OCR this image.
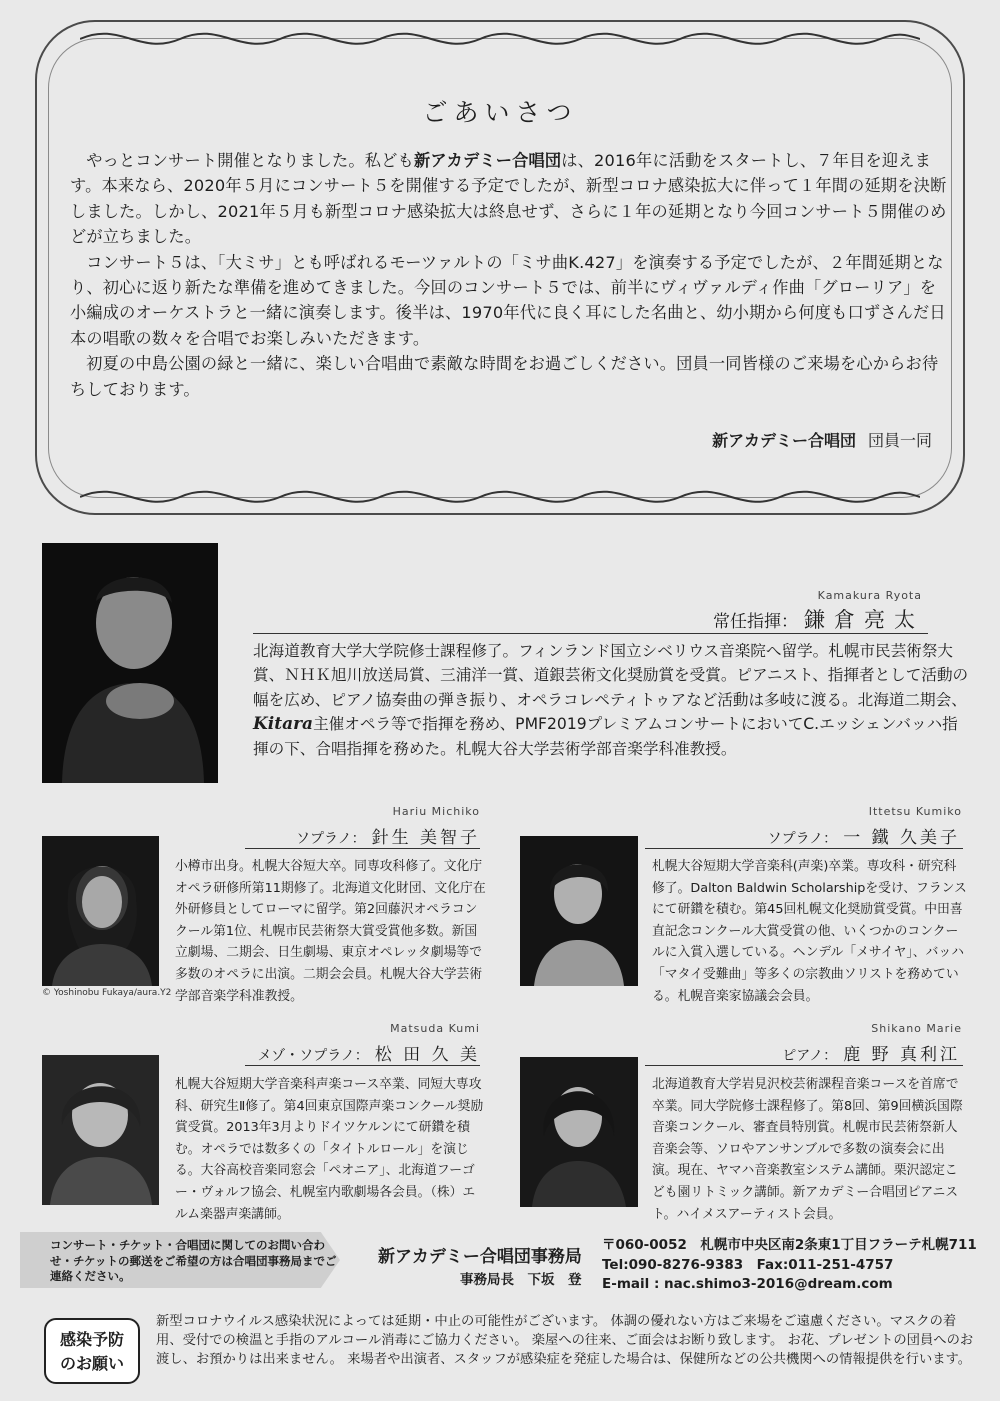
ごあいさつ

やっとコンサート開催となりました。私ども新アカデミー合唱団は、2016年に活動をスタートし、７年目を迎えます。本来なら、2020年５月にコンサート５を開催する予定でしたが、新型コロナ感染拡大に伴って１年間の延期を決断しました。しかし、2021年５月も新型コロナ感染拡大は終息せず、さらに１年の延期となり今回コンサート５開催のめどが立ちました。

コンサート５は、「大ミサ」とも呼ばれるモーツァルトの「ミサ曲K.427」を演奏する予定でしたが、２年間延期となり、初心に返り新たな準備を進めてきました。今回のコンサート５では、前半にヴィヴァルディ作曲「グローリア」を小編成のオーケストラと一緒に演奏します。後半は、1970年代に良く耳にした名曲と、幼小期から何度も口ずさんだ日本の唱歌の数々を合唱でお楽しみいただきます。

初夏の中島公園の緑と一緒に、楽しい合唱曲で素敵な時間をお過ごしください。団員一同皆様のご来場を心からお待ちしております。

新アカデミー合唱団 団員一同
Kamakura Ryota
常任指揮： 鎌倉亮太
北海道教育大学大学院修士課程修了。フィンランド国立シベリウス音楽院へ留学。札幌市民芸術祭大賞、ＮＨＫ旭川放送局賞、三浦洋一賞、道銀芸術文化奨励賞を受賞。ピアニスト、指揮者として活動の幅を広め、ピアノ協奏曲の弾き振り、オペラコレペティトゥアなど活動は多岐に渡る。北海道二期会、Kitara主催オペラ等で指揮を務め、PMF2019プレミアムコンサートにおいてC.エッシェンバッハ指揮の下、合唱指揮を務めた。札幌大谷大学芸術学部音楽学科准教授。
Hariu Michiko
ソプラノ： 針生 美智子
© Yoshinobu Fukaya/aura.Y2
小樽市出身。札幌大谷短大卒。同専攻科修了。文化庁オペラ研修所第11期修了。北海道文化財団、文化庁在外研修員としてローマに留学。第2回藤沢オペラコンクール第1位、札幌市民芸術祭大賞受賞他多数。新国立劇場、二期会、日生劇場、東京オペレッタ劇場等で多数のオペラに出演。二期会会員。札幌大谷大学芸術学部音楽学科准教授。
Ittetsu Kumiko
ソプラノ： 一 鐵 久美子
札幌大谷短期大学音楽科(声楽)卒業。専攻科・研究科修了。Dalton Baldwin Scholarshipを受け、フランスにて研鑽を積む。第45回札幌文化奨励賞受賞。中田喜直記念コンクール大賞受賞の他、いくつかのコンクールに入賞入選している。ヘンデル「メサイヤ」、バッハ「マタイ受難曲」等多くの宗教曲ソリストを務めている。札幌音楽家協議会会員。
Matsuda Kumi
メゾ・ソプラノ： 松 田 久 美
札幌大谷短期大学音楽科声楽コース卒業、同短大専攻科、研究生Ⅱ修了。第4回東京国際声楽コンクール奨励賞受賞。2013年3月よりドイツケルンにて研鑽を積む。オペラでは数多くの「タイトルロール」を演じる。大谷高校音楽同窓会「ペオニア」、北海道フーゴー・ヴォルフ協会、札幌室内歌劇場各会員。（株）エルム楽器声楽講師。
Shikano Marie
ピアノ： 鹿 野 真利江
北海道教育大学岩見沢校芸術課程音楽コースを首席で卒業。同大学院修士課程修了。第8回、第9回横浜国際音楽コンクール、審査員特別賞。札幌市民芸術祭新人音楽会等、ソロやアンサンブルで多数の演奏会に出演。現在、ヤマハ音楽教室システム講師。栗沢認定こども園リトミック講師。新アカデミー合唱団ピアニスト。ハイメスアーティスト会員。
コンサート・チケット・合唱団に関してのお問い合わせ・チケットの郵送をご希望の方は合唱団事務局までご連絡ください。
新アカデミー合唱団事務局
事務局長　下坂　登
〒060-0052　札幌市中央区南2条東1丁目フラーテ札幌711
Tel:090-8276-9383　Fax:011-251-4757
E-mail : nac.shimo3-2016@dream.com
感染予防
のお願い
新型コロナウイルス感染状況によっては延期・中止の可能性がございます。 体調の優れない方はご来場をご遠慮ください。マスクの着用、受付での検温と手指のアルコール消毒にご協力ください。 楽屋への往来、ご面会はお断り致します。 お花、プレゼントの団員へのお渡し、お預かりは出来ません。 来場者や出演者、スタッフが感染症を発症した場合は、保健所などの公共機関への情報提供を行います。
